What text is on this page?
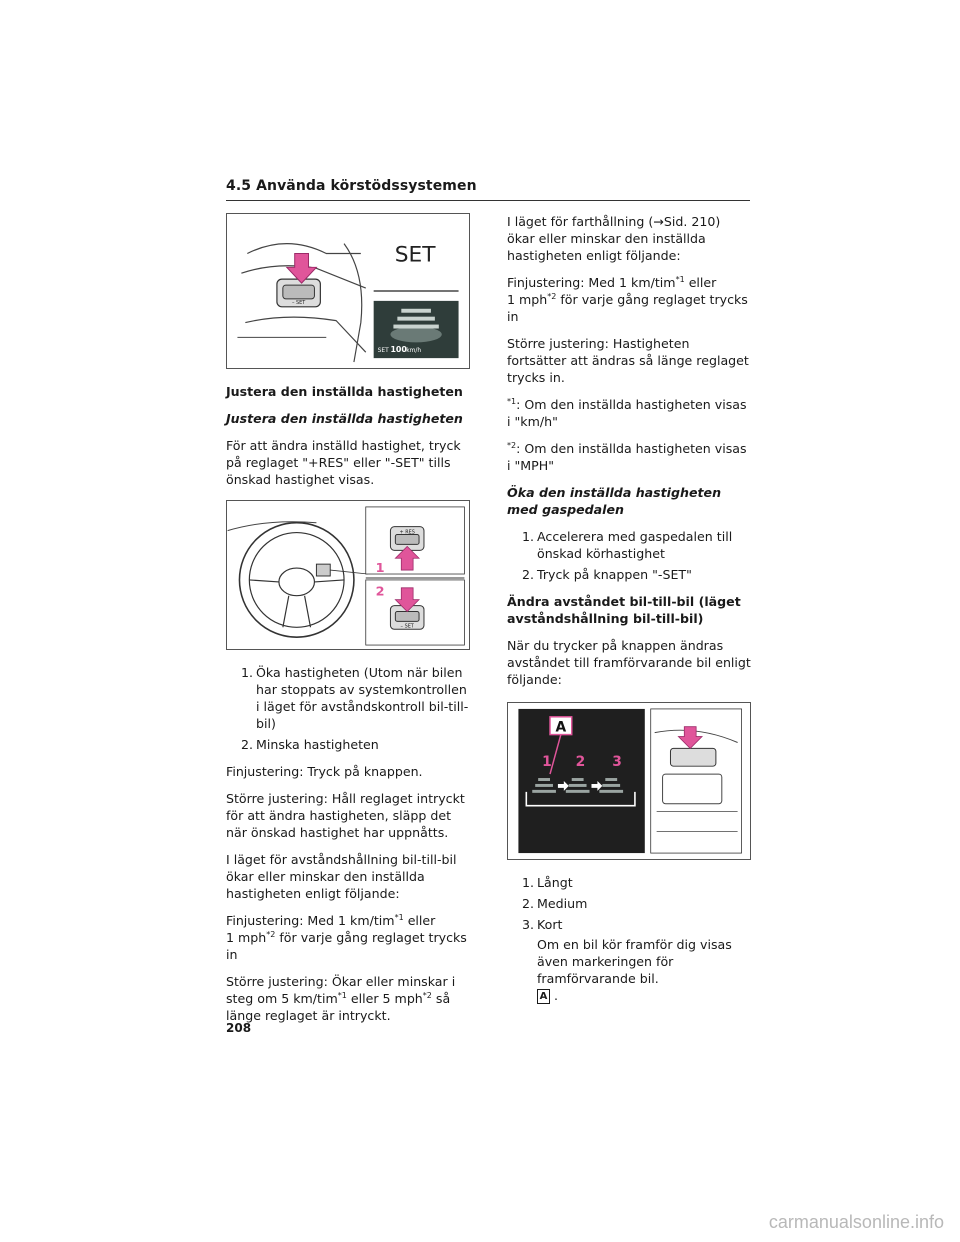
4.5 Använda körstödssystemen
– SET
SET
SET 100 km/h
Justera den inställda hastigheten
Justera den inställda hastigheten

För att ändra inställd hastighet, tryck på reglaget "+RES" eller "-SET" tills önskad hastighet visas.

+ RES
1
– SET
2
1. Öka hastigheten (Utom när bilen har stoppats av systemkontrollen i läget för avståndskontroll bil-till-bil)
2. Minska hastigheten

Finjustering: Tryck på knappen.

Större justering: Håll reglaget intryckt för att ändra hastigheten, släpp det när önskad hastighet har uppnåtts.

I läget för avståndshållning bil-till-bil ökar eller minskar den inställda hastigheten enligt följande:

Finjustering: Med 1 km/tim$^{*1}$ eller
1 mph$^{*2}$ för varje gång reglaget trycks in

Större justering: Ökar eller minskar i steg om 5 km/tim$^{*1}$ eller 5 mph$^{*2}$ så länge reglaget är intryckt.

I läget för farthållning (→Sid. 210) ökar eller minskar den inställda hastigheten enligt följande:

Finjustering: Med 1 km/tim$^{*1}$ eller
1 mph$^{*2}$ för varje gång reglaget trycks in

Större justering: Hastigheten fortsätter att ändras så länge reglaget trycks in.

$^{*1}$: Om den inställda hastigheten visas i "km/h"

$^{*2}$: Om den inställda hastigheten visas i "MPH"

Öka den inställda hastigheten med gaspedalen
1. Accelerera med gaspedalen till önskad körhastighet
2. Tryck på knappen "-SET"
Ändra avståndet bil-till-bil (läget avståndshållning bil-till-bil)

När du trycker på knappen ändras avståndet till framförvarande bil enligt följande:

A
1 2 3
1. Långt
2. Medium
3. Kort
Om en bil kör framför dig visas även markeringen för framförvarande bil.
A .
208
carmanualsonline.info
